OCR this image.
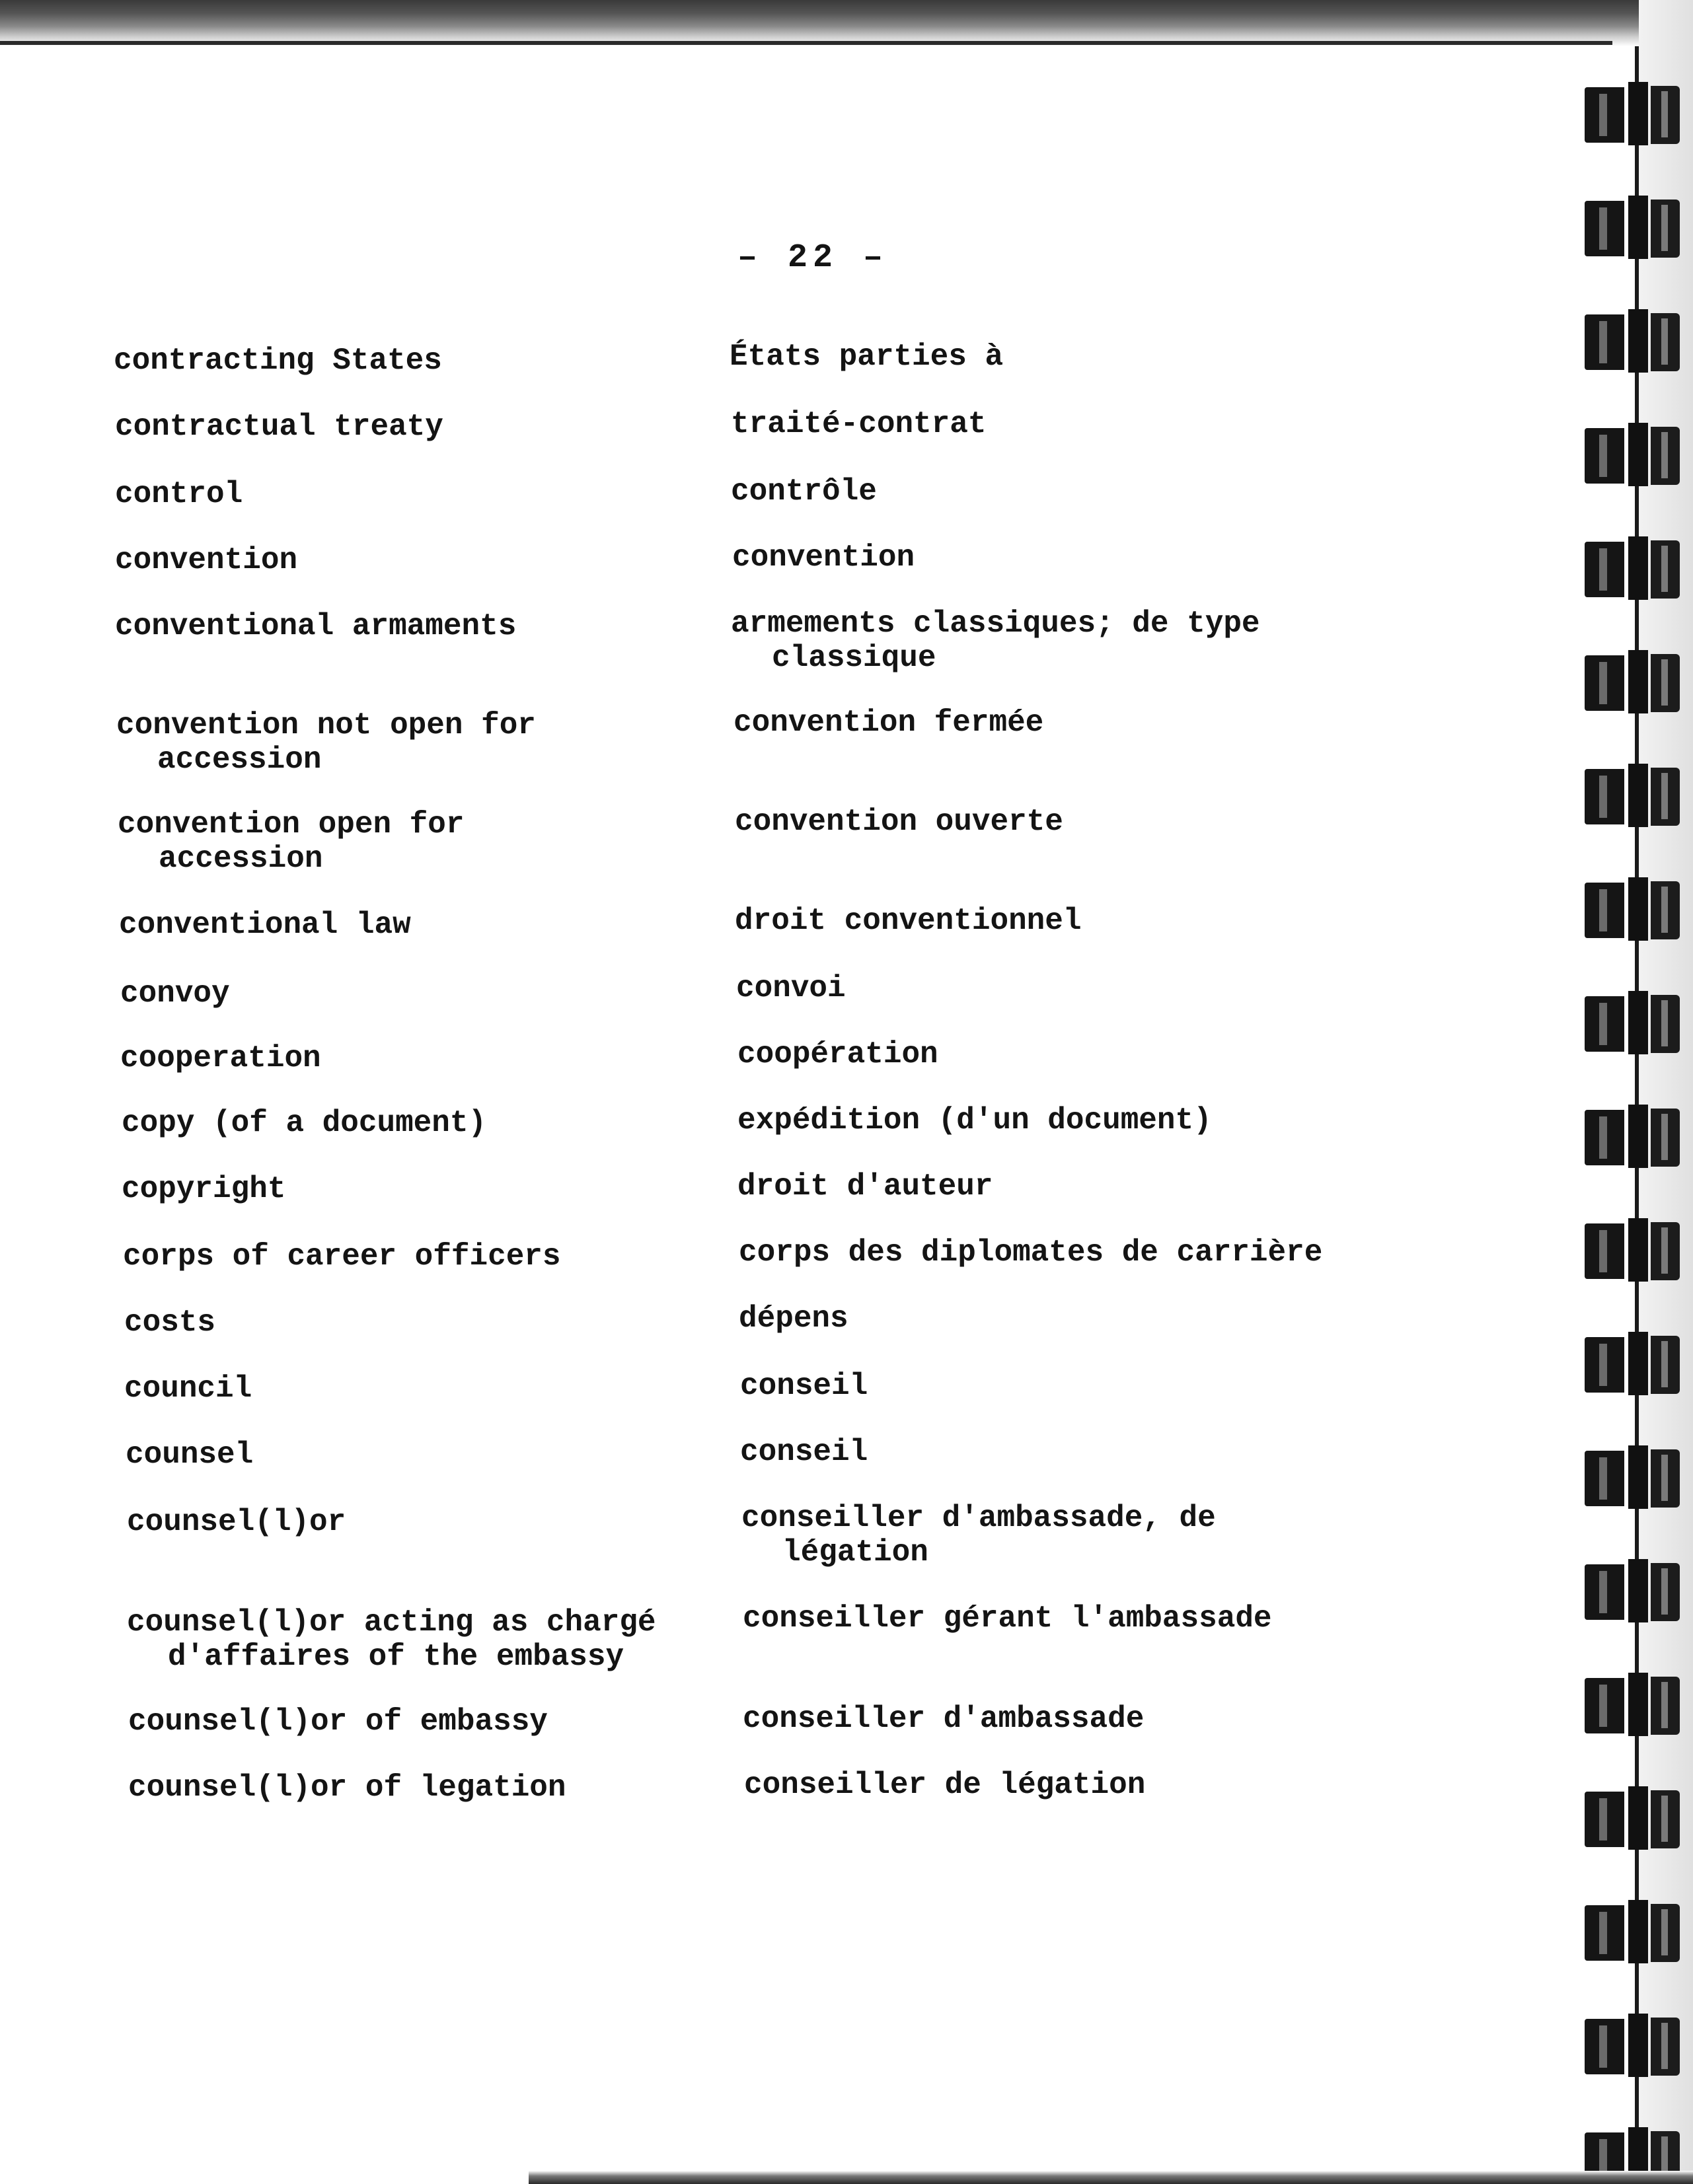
– 22 –
contracting States
contractual treaty
control
convention
conventional armaments
convention not open for
accession
convention open for
accession
conventional law
convoy
cooperation
copy (of a document)
copyright
corps of career officers
costs
council
counsel
counsel(l)or
counsel(l)or acting as chargé
d'affaires of the embassy
counsel(l)or of embassy
counsel(l)or of legation
États parties à
traité-contrat
contrôle
convention
armements classiques; de type
classique
convention fermée
convention ouverte
droit conventionnel
convoi
coopération
expédition (d'un document)
droit d'auteur
corps des diplomates de carrière
dépens
conseil
conseil
conseiller d'ambassade, de
légation
conseiller gérant l'ambassade
conseiller d'ambassade
conseiller de légation
